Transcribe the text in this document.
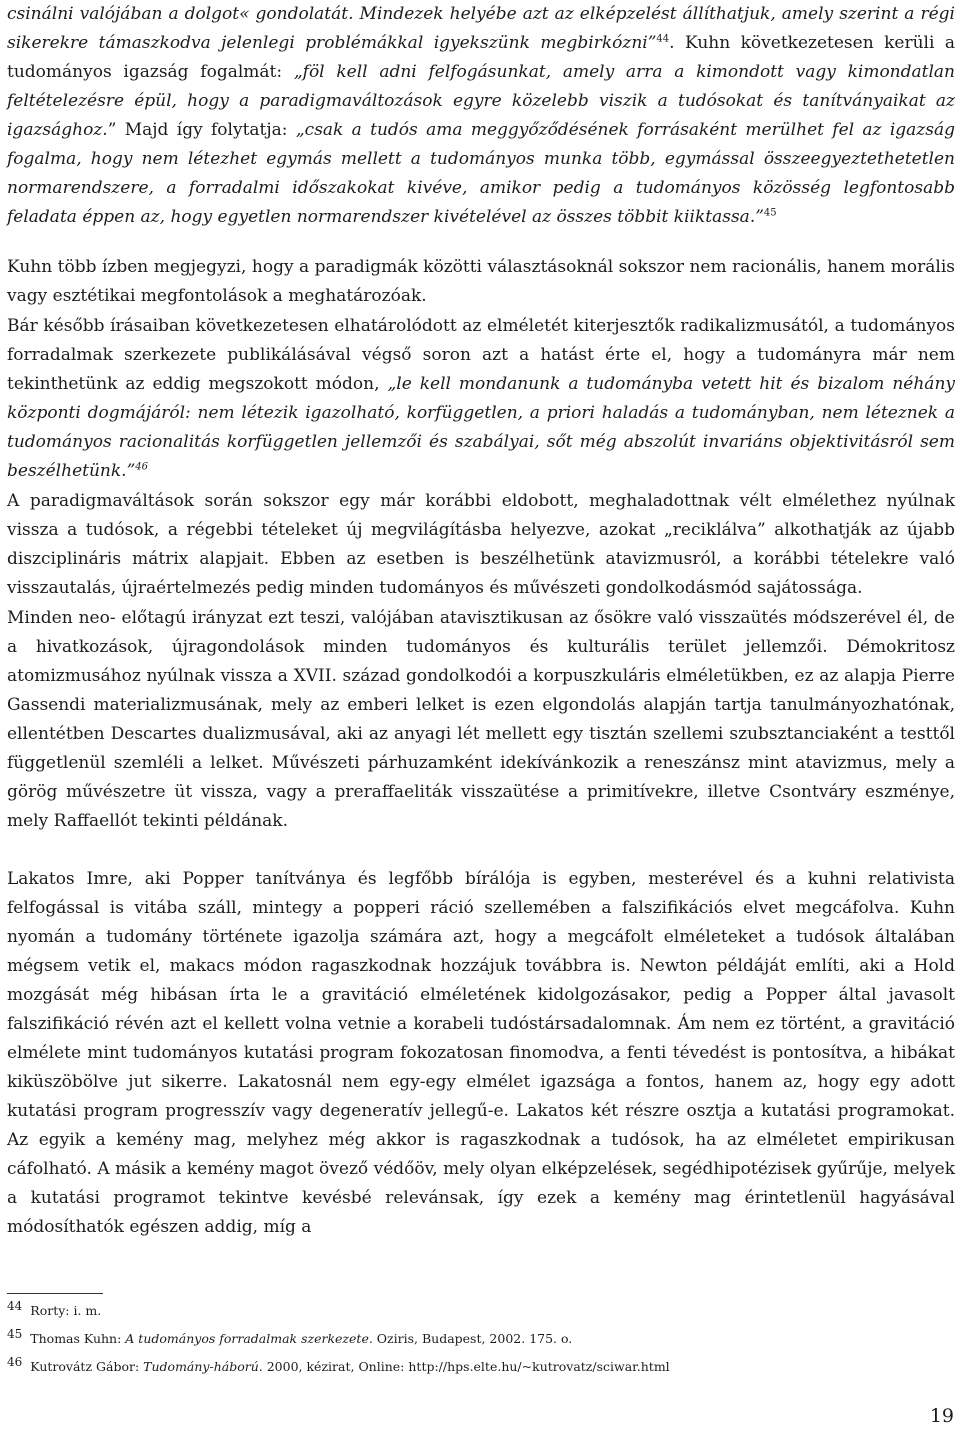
csinálni valójában a dolgot« gondolatát. Mindezek helyébe azt az elképzelést állíthatjuk, amely szerint a régi sikerekre támaszkodva jelenlegi problémákkal igyekszünk megbirkózni”$^{44}$. Kuhn következetesen kerüli a tudományos igazság fogalmát: „föl kell adni felfogásunkat, amely arra a kimondott vagy kimondatlan feltételezésre épül, hogy a paradigmaváltozások egyre közelebb viszik a tudósokat és tanítványaikat az igazsághoz.” Majd így folytatja: „csak a tudós ama meggyőződésének forrásaként merülhet fel az igazság fogalma, hogy nem létezhet egymás mellett a tudományos munka több, egymással összeegyeztethetetlen normarendszere, a forradalmi időszakokat kivéve, amikor pedig a tudományos közösség legfontosabb feladata éppen az, hogy egyetlen normarendszer kivételével az összes többit kiiktassa.”$^{45}$

Kuhn több ízben megjegyzi, hogy a paradigmák közötti választásoknál sokszor nem racionális, hanem morális vagy esztétikai megfontolások a meghatározóak.

Bár később írásaiban következetesen elhatárolódott az elméletét kiterjesztők radikalizmusától, a tudományos forradalmak szerkezete publikálásával végső soron azt a hatást érte el, hogy a tudományra már nem tekinthetünk az eddig megszokott módon, „le kell mondanunk a tudományba vetett hit és bizalom néhány központi dogmájáról: nem létezik igazolható, korfüggetlen, a priori haladás a tudományban, nem léteznek a tudományos racionalitás korfüggetlen jellemzői és szabályai, sőt még abszolút invariáns objektivitásról sem beszélhetünk.”$^{46}$

A paradigmaváltások során sokszor egy már korábbi eldobott, meghaladottnak vélt elmélethez nyúlnak vissza a tudósok, a régebbi tételeket új megvilágításba helyezve, azokat „reciklálva” alkothatják az újabb diszciplináris mátrix alapjait. Ebben az esetben is beszélhetünk atavizmusról, a korábbi tételekre való visszautalás, újraértelmezés pedig minden tudományos és művészeti gondolkodásmód sajátossága.

Minden neo- előtagú irányzat ezt teszi, valójában atavisztikusan az ősökre való visszaütés módszerével él, de a hivatkozások, újragondolások minden tudományos és kulturális terület jellemzői. Démokritosz atomizmusához nyúlnak vissza a XVII. század gondolkodói a korpuszkuláris elméletükben, ez az alapja Pierre Gassendi materializmusának, mely az emberi lelket is ezen elgondolás alapján tartja tanulmányozhatónak, ellentétben Descartes dualizmusával, aki az anyagi lét mellett egy tisztán szellemi szubsztanciaként a testtől függetlenül szemléli a lelket. Művészeti párhuzamként idekívánkozik a reneszánsz mint atavizmus, mely a görög művészetre üt vissza, vagy a preraffaeliták visszaütése a primitívekre, illetve Csontváry eszménye, mely Raffaellót tekinti példának.

Lakatos Imre, aki Popper tanítványa és legfőbb bírálója is egyben, mesterével és a kuhni relativista felfogással is vitába száll, mintegy a popperi ráció szellemében a falszifikációs elvet megcáfolva. Kuhn nyomán a tudomány története igazolja számára azt, hogy a megcáfolt elméleteket a tudósok általában mégsem vetik el, makacs módon ragaszkodnak hozzájuk továbbra is. Newton példáját említi, aki a Hold mozgását még hibásan írta le a gravitáció elméletének kidolgozásakor, pedig a Popper által javasolt falszifikáció révén azt el kellett volna vetnie a korabeli tudóstársadalomnak. Ám nem ez történt, a gravitáció elmélete mint tudományos kutatási program fokozatosan finomodva, a fenti tévedést is pontosítva, a hibákat kiküszöbölve jut sikerre. Lakatosnál nem egy-egy elmélet igazsága a fontos, hanem az, hogy egy adott kutatási program progresszív vagy degeneratív jellegű-e. Lakatos két részre osztja a kutatási programokat. Az egyik a kemény mag, melyhez még akkor is ragaszkodnak a tudósok, ha az elméletet empirikusan cáfolható. A másik a kemény magot övező védőöv, mely olyan elképzelések, segédhipotézisek gyűrűje, melyek a kutatási programot tekintve kevésbé relevánsak, így ezek a kemény mag érintetlenül hagyásával módosíthatók egészen addig, míg a

44 Rorty: i. m.
45 Thomas Kuhn: A tudományos forradalmak szerkezete. Oziris, Budapest, 2002. 175. o.
46 Kutrovátz Gábor: Tudomány-háború. 2000, kézirat, Online: http://hps.elte.hu/~kutrovatz/sciwar.html
19
